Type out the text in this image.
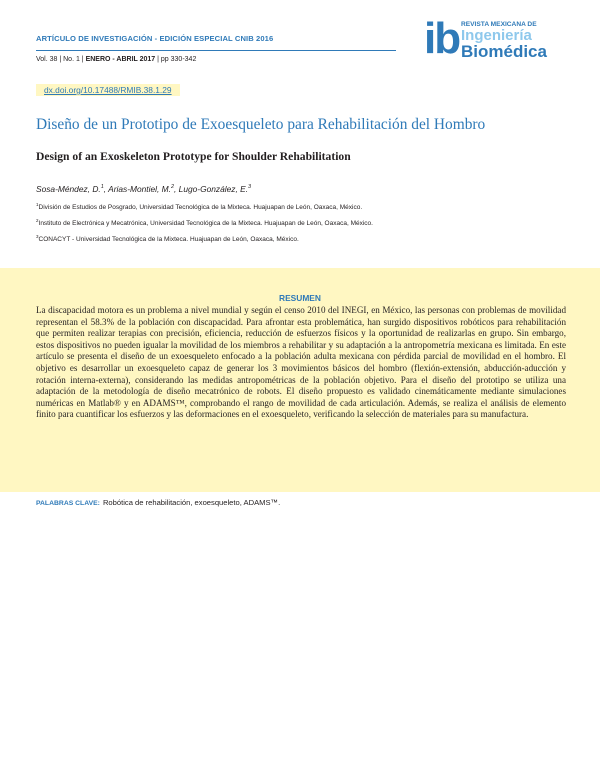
ARTÍCULO DE INVESTIGACIÓN - EDICIÓN ESPECIAL CNIB 2016
Vol. 38 | No. 1 | ENERO - ABRIL 2017 | pp 330-342	ib REVISTA MEXICANA DE
Ingeniería
Biomédica
dx.doi.org/10.17488/RMIB.38.1.29
Diseño de un Prototipo de Exoesqueleto para Rehabilitación del Hombro
Design of an Exoskeleton Prototype for Shoulder Rehabilitation
Sosa-Méndez, D.$^1$, Arias-Montiel, M.$^2$, Lugo-González, E.$^3$
$^1$División de Estudios de Posgrado, Universidad Tecnológica de la Mixteca. Huajuapan de León, Oaxaca, México.
$^2$Instituto de Electrónica y Mecatrónica, Universidad Tecnológica de la Mixteca. Huajuapan de León, Oaxaca, México.
$^3$CONACYT - Universidad Tecnológica de la Mixteca. Huajuapan de León, Oaxaca, México.
RESUMEN

La discapacidad motora es un problema a nivel mundial y según el censo 2010 del INEGI, en México, las personas con problemas de movilidad representan el 58.3% de la población con discapacidad. Para afrontar esta problemática, han surgido dispositivos robóticos para rehabilitación que permiten realizar terapias con precisión, eficiencia, reducción de esfuerzos físicos y la oportunidad de realizarlas en grupo. Sin embargo, estos dispositivos no pueden igualar la movilidad de los miembros a rehabilitar y su adaptación a la antropometría mexicana es limitada. En este artículo se presenta el diseño de un exoesqueleto enfocado a la población adulta mexicana con pérdida parcial de movilidad en el hombro. El objetivo es desarrollar un exoesqueleto capaz de generar los 3 movimientos básicos del hombro (flexión-extensión, abducción-aducción y rotación interna-externa), considerando las medidas antropométricas de la población objetivo. Para el diseño del prototipo se utiliza una adaptación de la metodología de diseño mecatrónico de robots. El diseño propuesto es validado cinemáticamente mediante simulaciones numéricas en Matlab® y en ADAMS™, comprobando el rango de movilidad de cada articulación. Además, se realiza el análisis de elemento finito para cuantificar los esfuerzos y las deformaciones en el exoesqueleto, verificando la selección de materiales para su manufactura.

PALABRAS CLAVE: Robótica de rehabilitación, exoesqueleto, ADAMS™.
